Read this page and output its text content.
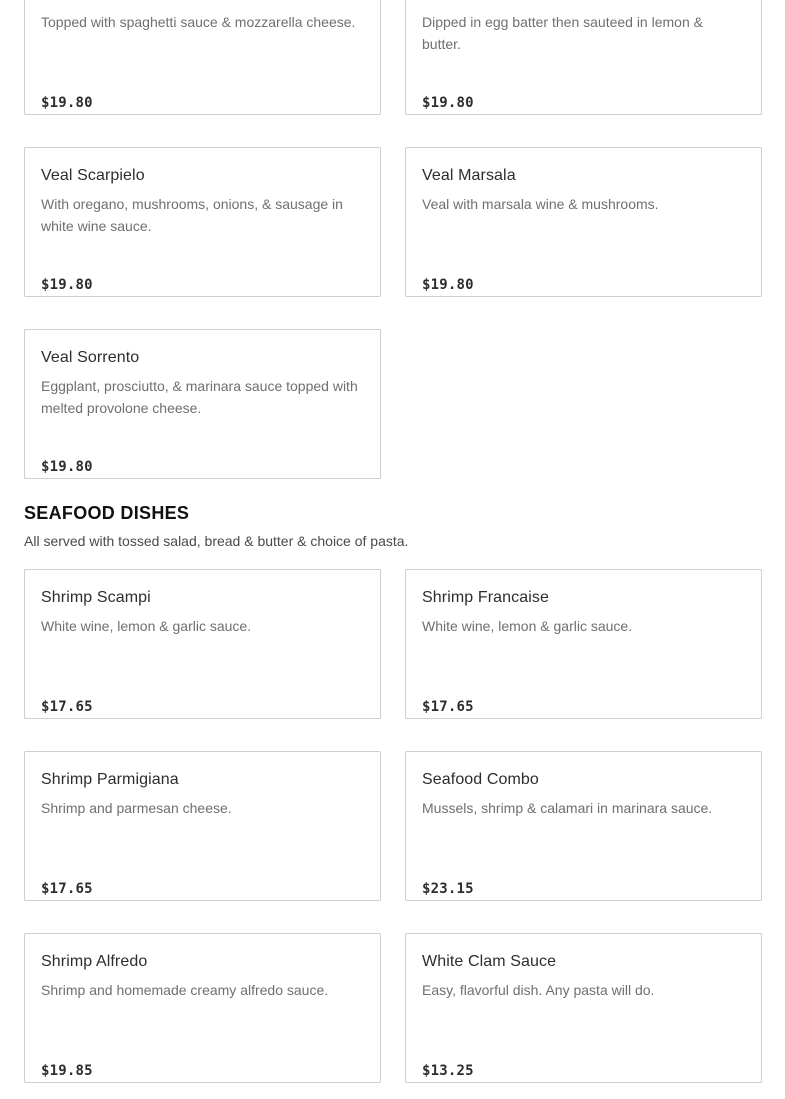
Topped with spaghetti sauce & mozzarella cheese.
$19.80
Dipped in egg batter then sauteed in lemon & butter.
$19.80
Veal Scarpielo
With oregano, mushrooms, onions, & sausage in white wine sauce.
$19.80
Veal Marsala
Veal with marsala wine & mushrooms.
$19.80
Veal Sorrento
Eggplant, prosciutto, & marinara sauce topped with melted provolone cheese.
$19.80
SEAFOOD DISHES

All served with tossed salad, bread & butter & choice of pasta.

Shrimp Scampi
White wine, lemon & garlic sauce.
$17.65
Shrimp Francaise
White wine, lemon & garlic sauce.
$17.65
Shrimp Parmigiana
Shrimp and parmesan cheese.
$17.65
Seafood Combo
Mussels, shrimp & calamari in marinara sauce.
$23.15
Shrimp Alfredo
Shrimp and homemade creamy alfredo sauce.
$19.85
White Clam Sauce
Easy, flavorful dish. Any pasta will do.
$13.25
